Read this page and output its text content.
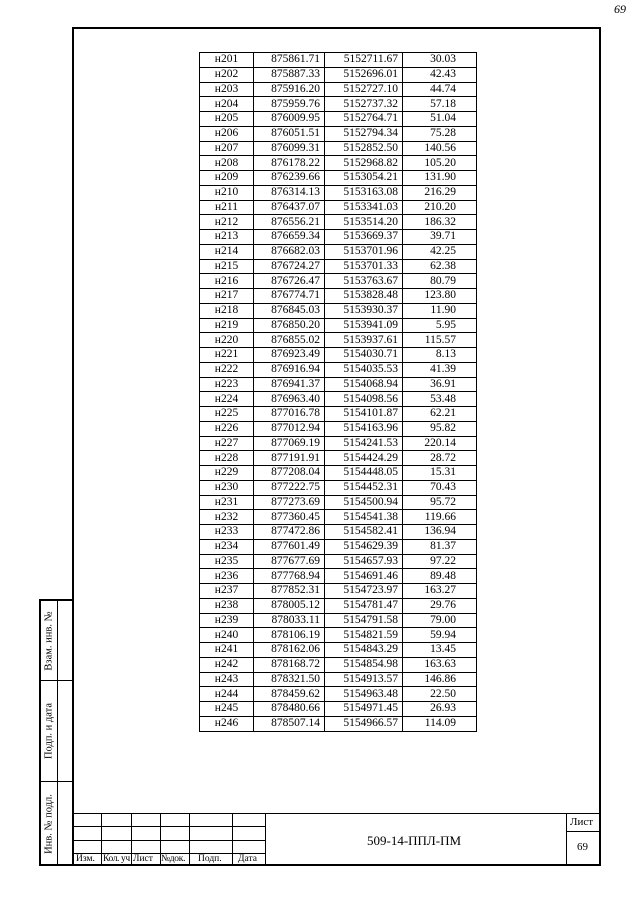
69
Взам. инв. №
Подп. и дата
Инв. № подл.
н201	875861.71	5152711.67	30.03
н202	875887.33	5152696.01	42.43
н203	875916.20	5152727.10	44.74
н204	875959.76	5152737.32	57.18
н205	876009.95	5152764.71	51.04
н206	876051.51	5152794.34	75.28
н207	876099.31	5152852.50	140.56
н208	876178.22	5152968.82	105.20
н209	876239.66	5153054.21	131.90
н210	876314.13	5153163.08	216.29
н211	876437.07	5153341.03	210.20
н212	876556.21	5153514.20	186.32
н213	876659.34	5153669.37	39.71
н214	876682.03	5153701.96	42.25
н215	876724.27	5153701.33	62.38
н216	876726.47	5153763.67	80.79
н217	876774.71	5153828.48	123.80
н218	876845.03	5153930.37	11.90
н219	876850.20	5153941.09	5.95
н220	876855.02	5153937.61	115.57
н221	876923.49	5154030.71	8.13
н222	876916.94	5154035.53	41.39
н223	876941.37	5154068.94	36.91
н224	876963.40	5154098.56	53.48
н225	877016.78	5154101.87	62.21
н226	877012.94	5154163.96	95.82
н227	877069.19	5154241.53	220.14
н228	877191.91	5154424.29	28.72
н229	877208.04	5154448.05	15.31
н230	877222.75	5154452.31	70.43
н231	877273.69	5154500.94	95.72
н232	877360.45	5154541.38	119.66
н233	877472.86	5154582.41	136.94
н234	877601.49	5154629.39	81.37
н235	877677.69	5154657.93	97.22
н236	877768.94	5154691.46	89.48
н237	877852.31	5154723.97	163.27
н238	878005.12	5154781.47	29.76
н239	878033.11	5154791.58	79.00
н240	878106.19	5154821.59	59.94
н241	878162.06	5154843.29	13.45
н242	878168.72	5154854.98	163.63
н243	878321.50	5154913.57	146.86
н244	878459.62	5154963.48	22.50
н245	878480.66	5154971.45	26.93
н246	878507.14	5154966.57	114.09
Изм. Кол. уч Лист №док. Подп. Дата
509-14-ППЛ-ПМ
Лист
69
